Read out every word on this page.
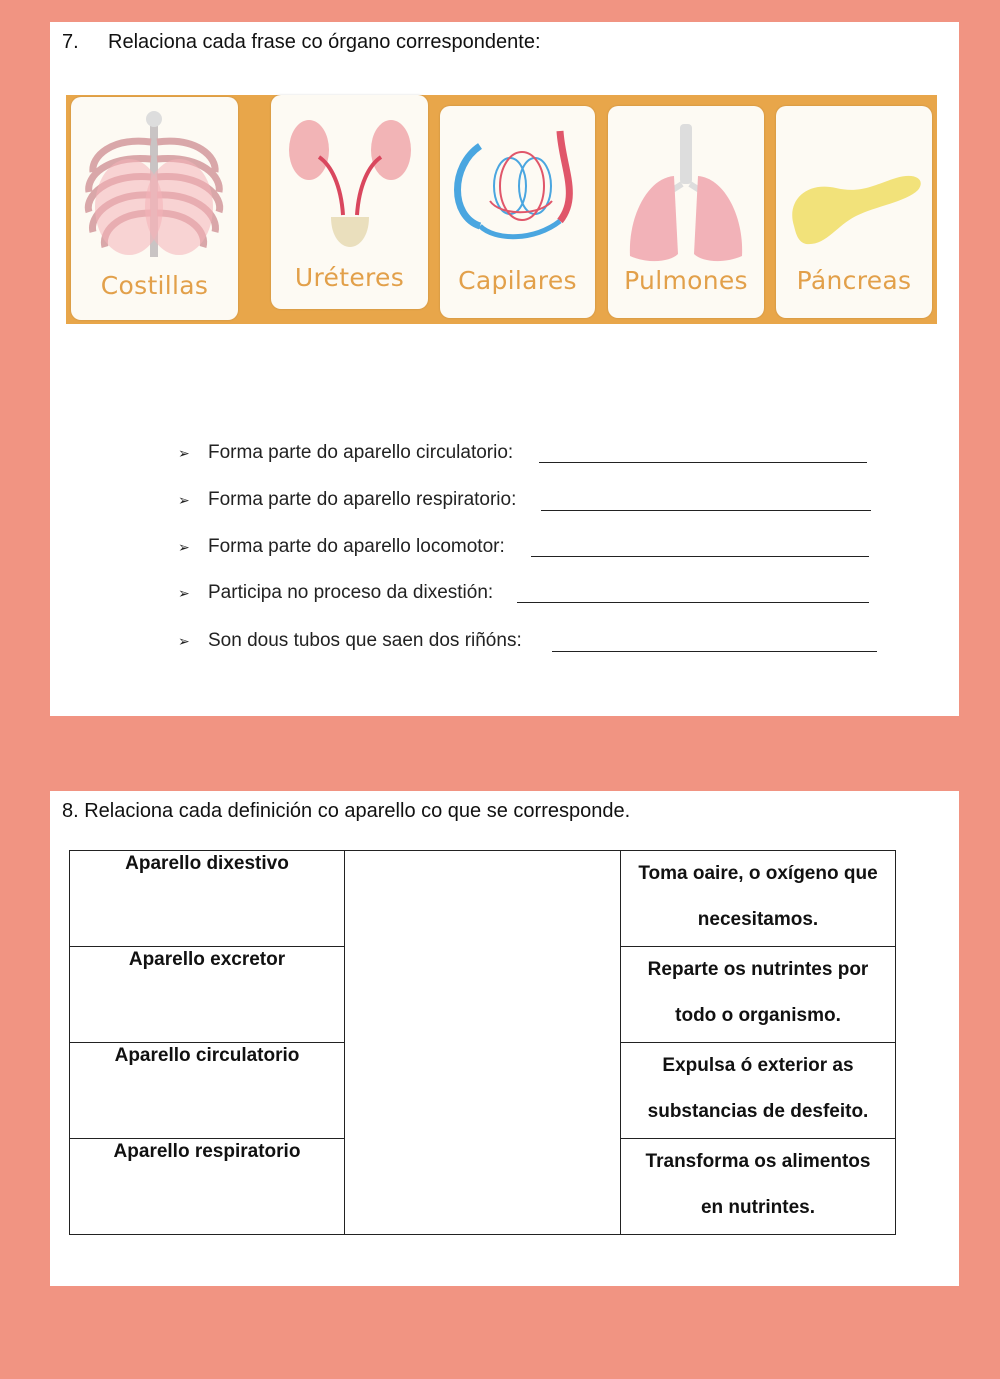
7. Relaciona cada frase co órgano correspondente:
Costillas	Uréteres	Capilares	Pulmones	Páncreas
➢ Forma parte do aparello circulatorio:
➢ Forma parte do aparello respiratorio:
➢ Forma parte do aparello locomotor:
➢ Participa no proceso da dixestión:
➢ Son dous tubos que saen dos riñóns:
8. Relaciona cada definición co aparello co que se corresponde.
Aparello dixestivo		Toma oaire, o oxígeno que
necesitamos.

Aparello excretor		Reparte os nutrintes por
todo o organismo.

Aparello circulatorio		Expulsa ó exterior as
substancias de desfeito.

Aparello respiratorio		Transforma os alimentos
en nutrintes.
